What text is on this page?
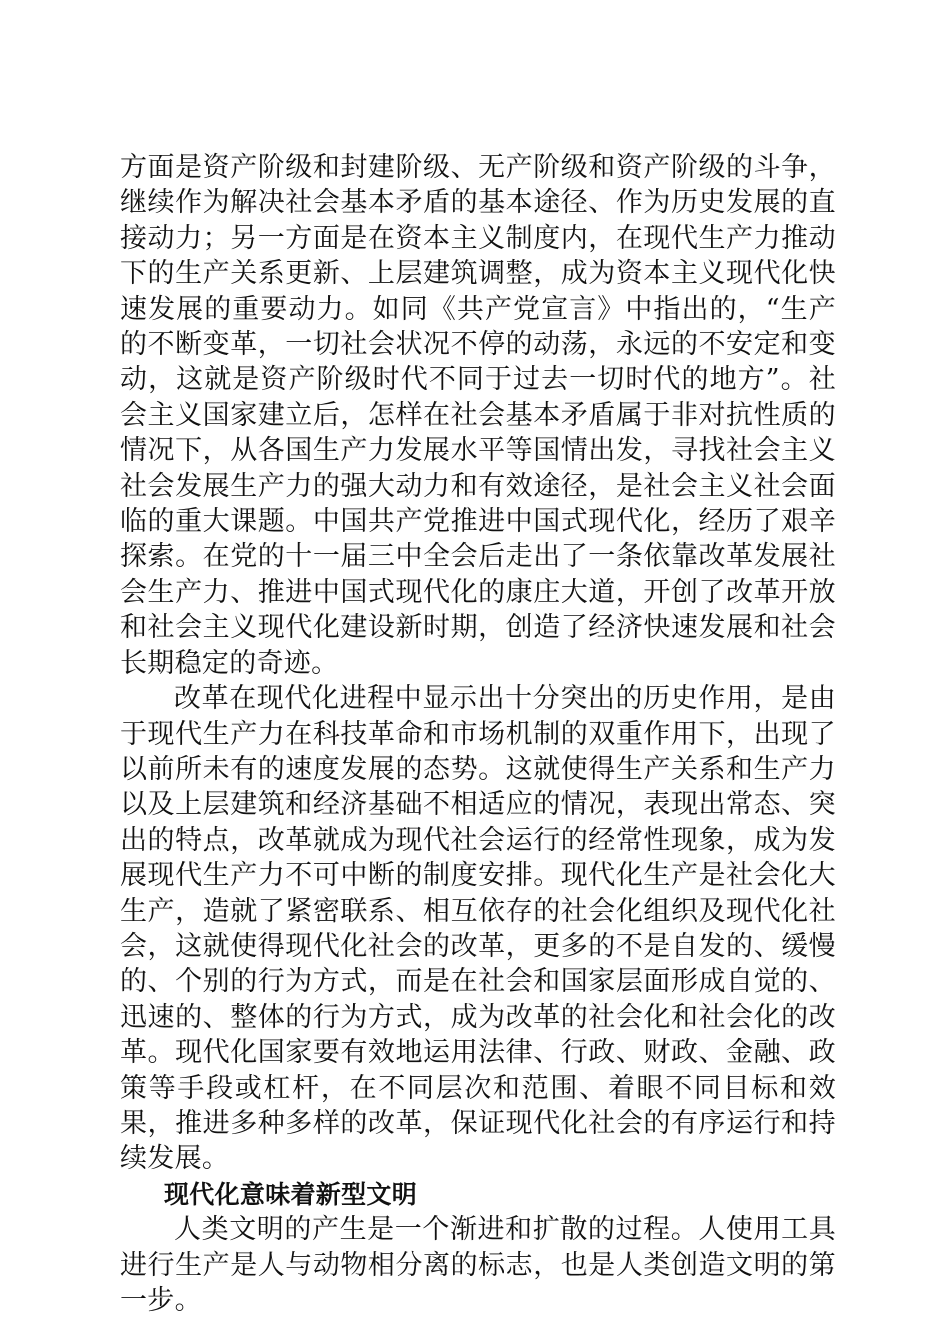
方面是资产阶级和封建阶级、无产阶级和资产阶级的斗争，继续作为解决社会基本矛盾的基本途径、作为历史发展的直接动力；另一方面是在资本主义制度内，在现代生产力推动下的生产关系更新、上层建筑调整，成为资本主义现代化快速发展的重要动力。如同《共产党宣言》中指出的，“生产的不断变革，一切社会状况不停的动荡，永远的不安定和变动，这就是资产阶级时代不同于过去一切时代的地方”。社会主义国家建立后，怎样在社会基本矛盾属于非对抗性质的情况下，从各国生产力发展水平等国情出发，寻找社会主义社会发展生产力的强大动力和有效途径，是社会主义社会面临的重大课题。中国共产党推进中国式现代化，经历了艰辛探索。在党的十一届三中全会后走出了一条依靠改革发展社会生产力、推进中国式现代化的康庄大道，开创了改革开放和社会主义现代化建设新时期，创造了经济快速发展和社会长期稳定的奇迹。

改革在现代化进程中显示出十分突出的历史作用，是由于现代生产力在科技革命和市场机制的双重作用下，出现了以前所未有的速度发展的态势。这就使得生产关系和生产力以及上层建筑和经济基础不相适应的情况，表现出常态、突出的特点，改革就成为现代社会运行的经常性现象，成为发展现代生产力不可中断的制度安排。现代化生产是社会化大生产，造就了紧密联系、相互依存的社会化组织及现代化社会，这就使得现代化社会的改革，更多的不是自发的、缓慢的、个别的行为方式，而是在社会和国家层面形成自觉的、迅速的、整体的行为方式，成为改革的社会化和社会化的改革。现代化国家要有效地运用法律、行政、财政、金融、政策等手段或杠杆，在不同层次和范围、着眼不同目标和效果，推进多种多样的改革，保证现代化社会的有序运行和持续发展。

现代化意味着新型文明

人类文明的产生是一个渐进和扩散的过程。人使用工具进行生产是人与动物相分离的标志，也是人类创造文明的第一步。
